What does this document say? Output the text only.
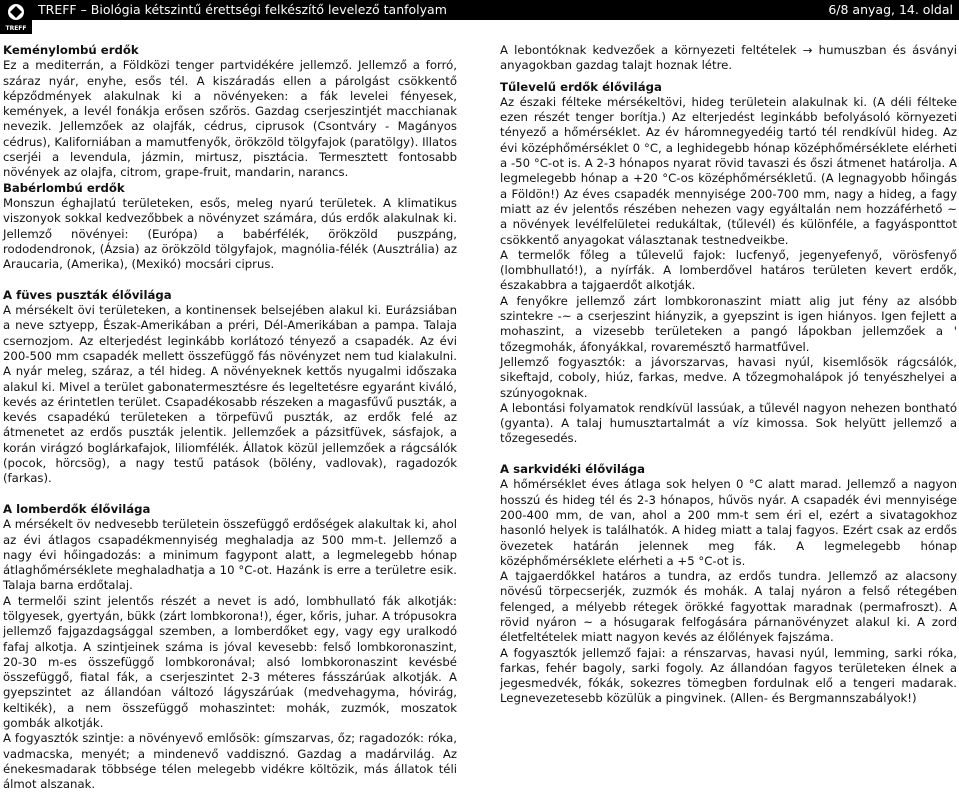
TREFF – Biológia kétszintű érettségi felkészítő levelező tanfolyam	6/8 anyag, 14. oldal
TREFF
Keménylombú erdők

Ez a mediterrán, a Földközi tenger partvidékére jellemző. Jellemző a forró, száraz nyár, enyhe, esős tél. A kiszáradás ellen a párolgást csökkentő képződmények alakulnak ki a növényeken: a fák levelei fényesek, kemények, a levél fonákja erősen szőrös. Gazdag cserjeszintjét macchianak nevezik. Jellemzőek az olajfák, cédrus, ciprusok (Csontváry - Magányos cédrus), Kaliforniában a mamutfenyők, örökzöld tölgyfajok (paratölgy). Illatos cserjéi a levendula, jázmin, mirtusz, pisztácia. Termesztett fontosabb növények az olajfa, citrom, grape-fruit, mandarin, narancs.

Babérlombú erdők

Monszun éghajlatú területeken, esős, meleg nyarú területek. A klimatikus viszonyok sokkal kedvezőbbek a növényzet számára, dús erdők alakulnak ki. Jellemző növényei: (Európa) a babérfélék, örökzöld puszpáng, rododendronok, (Ázsia) az örökzöld tölgyfajok, magnólia-félék (Ausztrália) az Araucaria, (Amerika), (Mexikó) mocsári ciprus.

A füves puszták élővilága

A mérsékelt övi területeken, a kontinensek belsejében alakul ki. Eurázsiában a neve sztyepp, Észak-Amerikában a préri, Dél-Amerikában a pampa. Talaja csernozjom. Az elterjedést leginkább korlátozó tényező a csapadék. Az évi 200-500 mm csapadék mellett összefüggő fás növényzet nem tud kialakulni. A nyár meleg, száraz, a tél hideg. A növényeknek kettős nyugalmi időszaka alakul ki. Mivel a terület gabonatermesztésre és legeltetésre egyaránt kiváló, kevés az érintetlen terület. Csapadékosabb részeken a magasfűvű puszták, a kevés csapadékú területeken a törpefüvű puszták, az erdők felé az átmenetet az erdős puszták jelentik. Jellemzőek a pázsitfüvek, sásfajok, a korán virágzó boglárkafajok, liliomfélék. Állatok közül jellemzőek a rágcsálók (pocok, hörcsög), a nagy testű patások (bölény, vadlovak), ragadozók (farkas).

A lomberdők élővilága

A mérsékelt öv nedvesebb területein összefüggő erdőségek alakultak ki, ahol az évi átlagos csapadékmennyiség meghaladja az 500 mm-t. Jellemző a nagy évi hőingadozás: a minimum fagypont alatt, a legmelegebb hónap átlaghőmérséklete meghaladhatja a 10 °C-ot. Hazánk is erre a területre esik. Talaja barna erdőtalaj.

A termelői szint jelentős részét a nevet is adó, lombhullató fák alkotják: tölgyesek, gyertyán, bükk (zárt lombkorona!), éger, kőris, juhar. A trópusokra jellemző fajgazdagsággal szemben, a lomberdőket egy, vagy egy uralkodó fafaj alkotja. A szintjeinek száma is jóval kevesebb: felső lombkoronaszint, 20-30 m-es összefüggő lombkoronával; alsó lombkoronaszint kevésbé összefüggő, fiatal fák, a cserjeszintet 2-3 méteres fásszárúak alkotják. A gyepszintet az állandóan változó lágyszárúak (medvehagyma, hóvirág, keltikék), a nem összefüggő mohaszintet: mohák, zuzmók, moszatok gombák alkotják.

A fogyasztók szintje: a növényevő emlősök: gímszarvas, őz; ragadozók: róka, vadmacska, menyét; a mindenevő vaddisznó. Gazdag a madárvilág. Az énekesmadarak többsége télen melegebb vidékre költözik, más állatok téli álmot alszanak.

A lebontóknak kedvezőek a környezeti feltételek → humuszban és ásványi anyagokban gazdag talajt hoznak létre.

Tűlevelű erdők élővilága

Az északi félteke mérsékeltövi, hideg területein alakulnak ki. (A déli félteke ezen részét tenger borítja.) Az elterjedést leginkább befolyásoló környezeti tényező a hőmérséklet. Az év háromnegyedéig tartó tél rendkívül hideg. Az évi középhőmérséklet 0 °C, a leghidegebb hónap középhőmérséklete elérheti a -50 °C-ot is. A 2-3 hónapos nyarat rövid tavaszi és őszi átmenet határolja. A legmelegebb hónap a +20 °C-os középhőmérsékletű. (A legnagyobb hőingás a Földön!) Az éves csapadék mennyisége 200-700 mm, nagy a hideg, a fagy miatt az év jelentős részében nehezen vagy egyáltalán nem hozzáférhető ~ a növények levélfelületei redukáltak, (tűlevél) és különféle, a fagyásponttot csökkentő anyagokat választanak testnedveikbe.

A termelők főleg a tűlevelű fajok: lucfenyő, jegenyefenyő, vörösfenyő (lombhullató!), a nyírfák. A lomberdővel határos területen kevert erdők, északabbra a tajgaerdőt alkotják.

A fenyőkre jellemző zárt lombkoronaszint miatt alig jut fény az alsóbb szintekre -~ a cserjeszint hiányzik, a gyepszint is igen hiányos. Igen fejlett a mohaszint, a vizesebb területeken a pangó lápokban jellemzőek a ' tőzegmohák, áfonyákkal, rovaremésztő harmatfűvel.

Jellemző fogyasztók: a jávorszarvas, havasi nyúl, kisemlősök rágcsálók, sikeftajd, coboly, hiúz, farkas, medve. A tőzegmohalápok jó tenyészhelyei a szúnyogoknak.

A lebontási folyamatok rendkívül lassúak, a tűlevél nagyon nehezen bontható (gyanta). A talaj humusztartalmát a víz kimossa. Sok helyütt jellemző a tőzegesedés.

A sarkvidéki élővilága

A hőmérséklet éves átlaga sok helyen 0 °C alatt marad. Jellemző a nagyon hosszú és hideg tél és 2-3 hónapos, hűvös nyár. A csapadék évi mennyisége 200-400 mm, de van, ahol a 200 mm-t sem éri el, ezért a sivatagokhoz hasonló helyek is találhatók. A hideg miatt a talaj fagyos. Ezért csak az erdős övezetek határán jelennek meg fák. A legmelegebb hónap középhőmérséklete elérheti a +5 °C-ot is.

A tajgaerdőkkel határos a tundra, az erdős tundra. Jellemző az alacsony növésű törpecserjék, zuzmók és mohák. A talaj nyáron a felső rétegében felenged, a mélyebb rétegek örökké fagyottak maradnak (permafroszt). A rövid nyáron ~ a hósugarak felfogására párnanövényzet alakul ki. A zord életfeltételek miatt nagyon kevés az élőlények fajszáma.

A fogyasztók jellemző fajai: a rénszarvas, havasi nyúl, lemming, sarki róka, farkas, fehér bagoly, sarki fogoly. Az állandóan fagyos területeken élnek a jegesmedvék, fókák, sokezres tömegben fordulnak elő a tengeri madarak. Legnevezetesebb közülük a pingvinek. (Allen- és Bergmannszabályok!)
